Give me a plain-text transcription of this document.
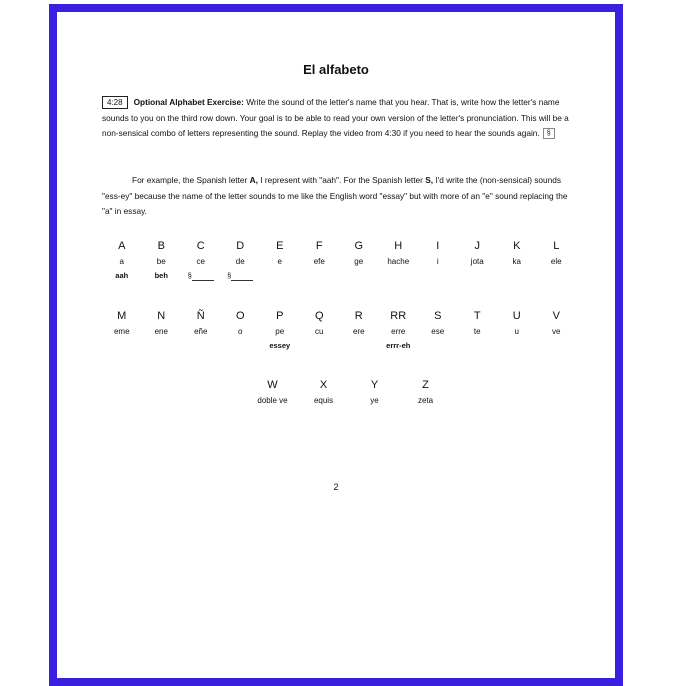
El alfabeto
4:28 Optional Alphabet Exercise: Write the sound of the letter's name that you hear. That is, write how the letter's name sounds to you on the third row down. Your goal is to be able to read your own version of the letter's pronunciation. This will be a non-sensical combo of letters representing the sound. Replay the video from 4:30 if you need to hear the sounds again. §
For example, the Spanish letter A, I represent with "aah". For the Spanish letter S, I'd write the (non-sensical) sounds "ess-ey" because the name of the letter sounds to me like the English word "essay" but with more of an "e" sound replacing the "a" in essay.
A
a
aah
B
be
beh
C
ce
§
D
de
§
E
e
F
efe
G
ge
H
hache
I
i
J
jota
K
ka
L
ele
M
eme
N
ene
Ñ
eñe
O
o
P
pe
essey
Q
cu
R
ere
RR
erre
errr-eh
S
ese
T
te
U
u
V
ve
W
doble ve
X
equis
Y
ye
Z
zeta
2
